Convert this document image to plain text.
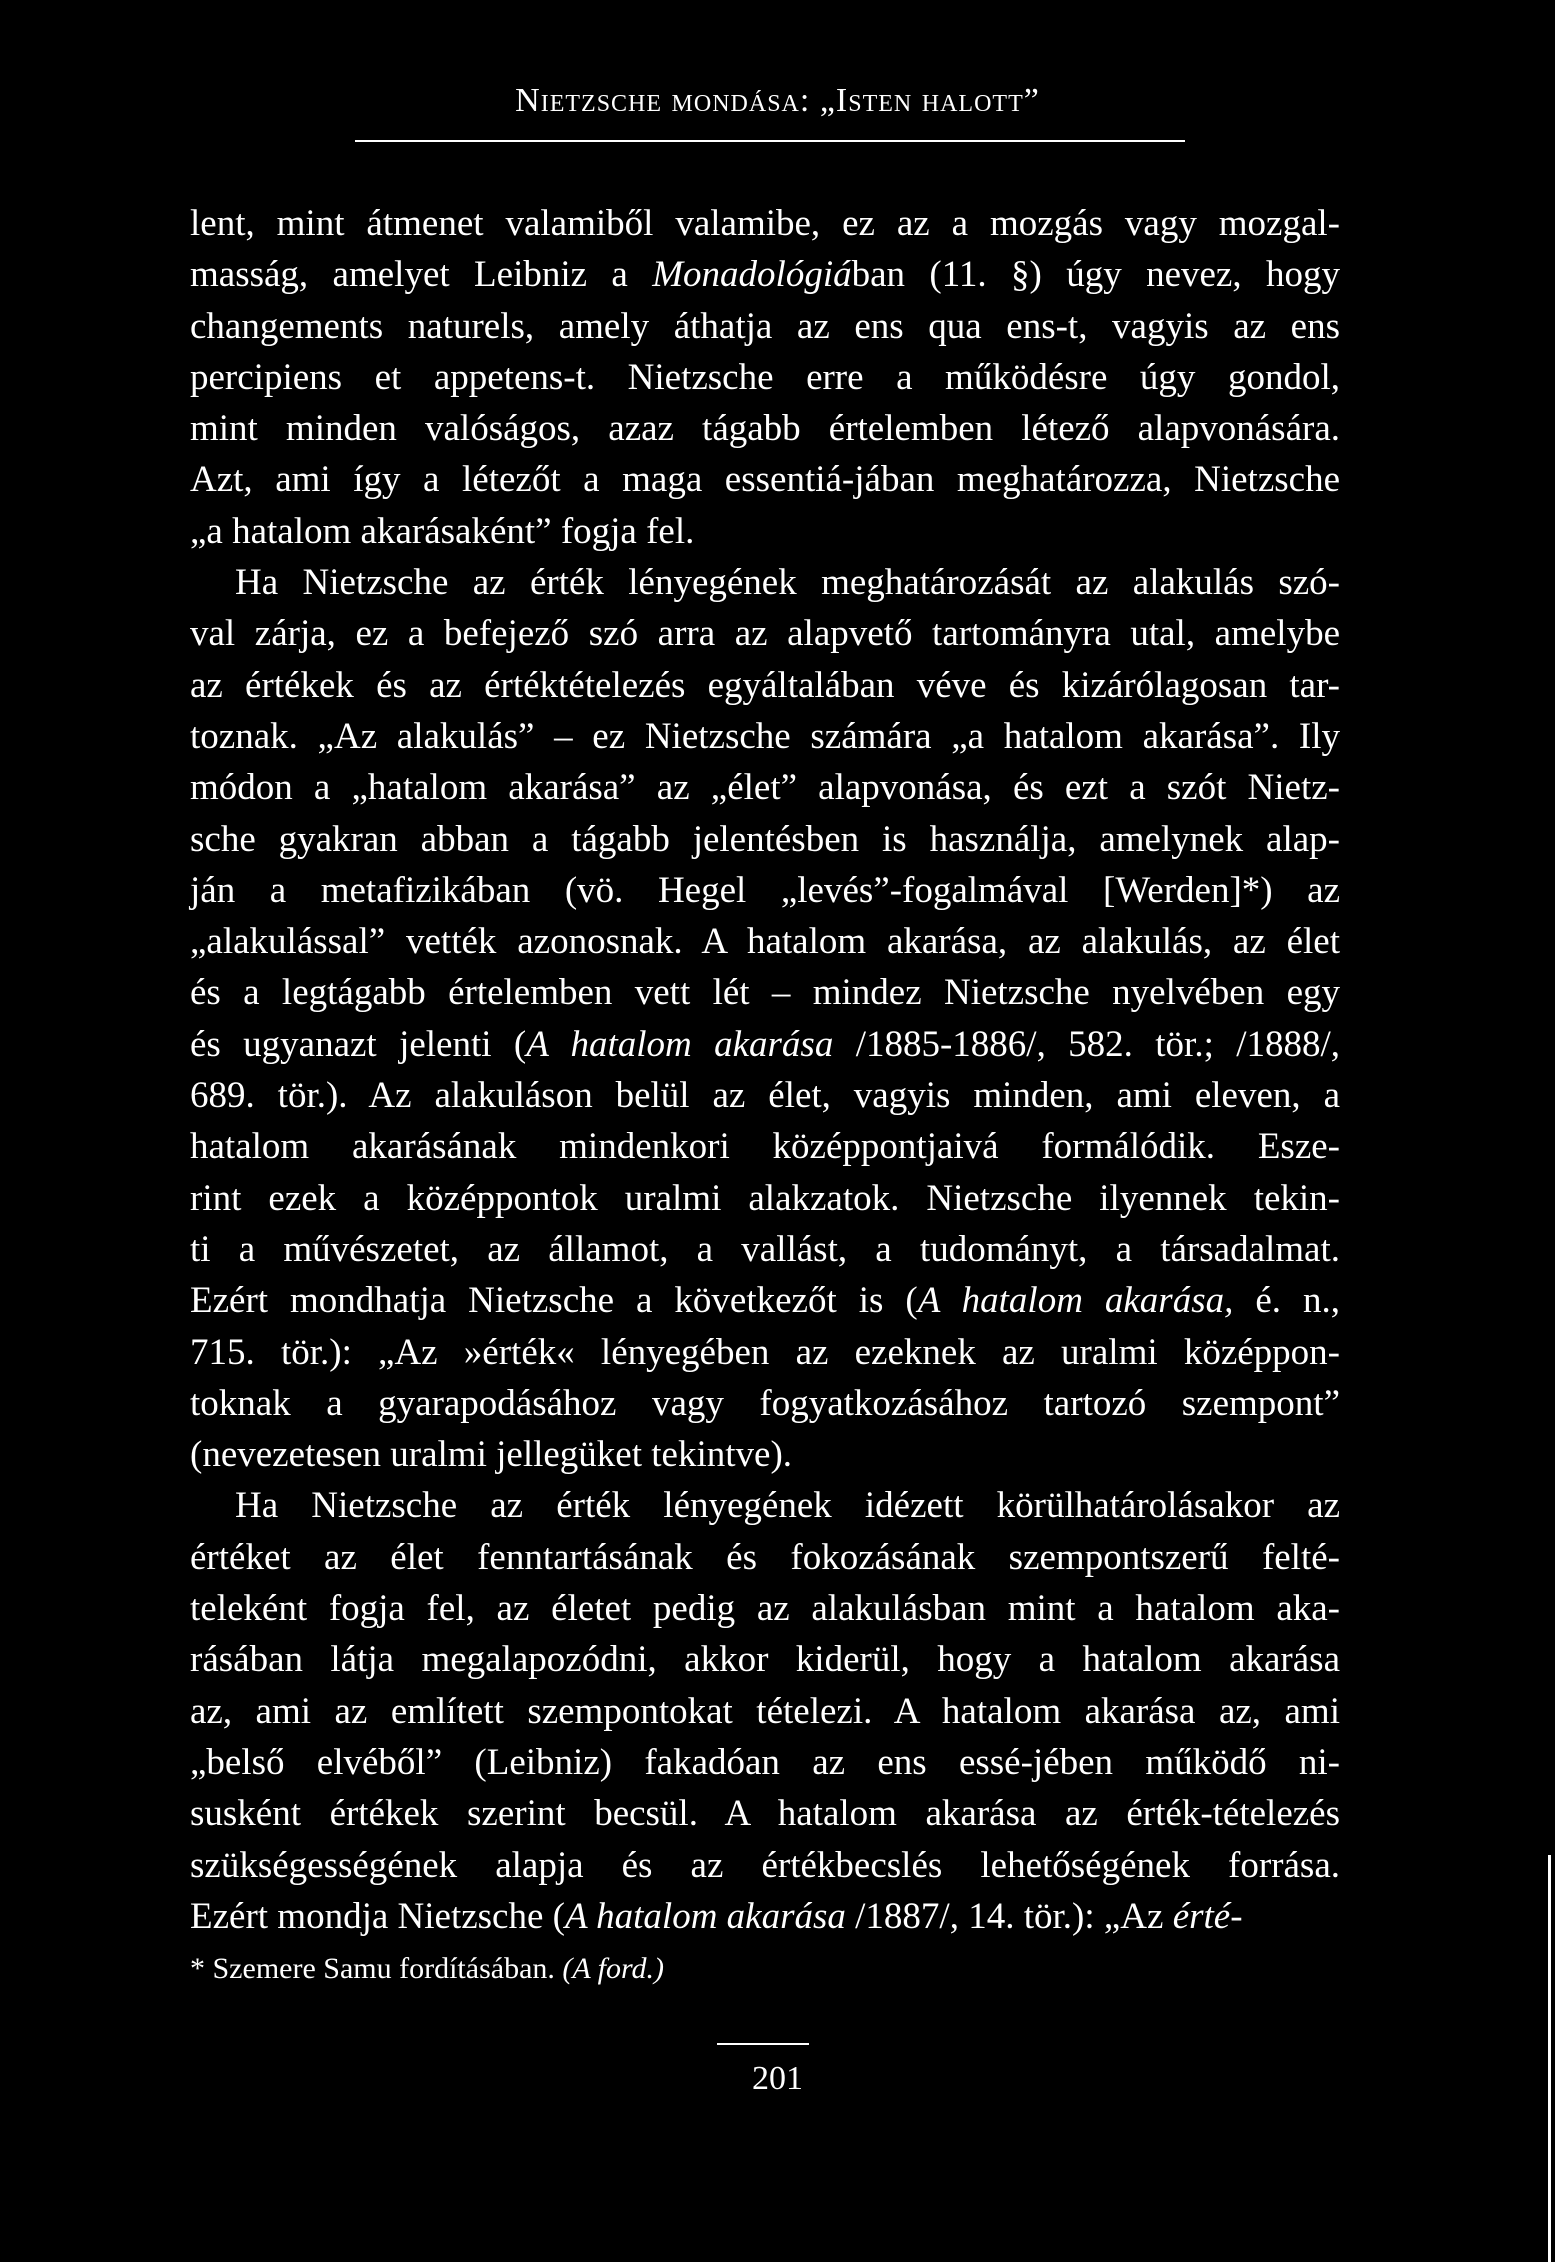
Nietzsche mondása: „Isten halott”
lent, mint átmenet valamiből valamibe, ez az a mozgás vagy mozgal-
masság, amelyet Leibniz a Monadológiában (11. §) úgy nevez, hogy
changements naturels, amely áthatja az ens qua ens-t, vagyis az ens
percipiens et appetens-t. Nietzsche erre a működésre úgy gondol,
mint minden valóságos, azaz tágabb értelemben létező alapvonására.
Azt, ami így a létezőt a maga essentiá-jában meghatározza, Nietzsche
„a hatalom akarásaként” fogja fel.
Ha Nietzsche az érték lényegének meghatározását az alakulás szó-
val zárja, ez a befejező szó arra az alapvető tartományra utal, amelybe
az értékek és az értéktételezés egyáltalában véve és kizárólagosan tar-
toznak. „Az alakulás” – ez Nietzsche számára „a hatalom akarása”. Ily
módon a „hatalom akarása” az „élet” alapvonása, és ezt a szót Nietz-
sche gyakran abban a tágabb jelentésben is használja, amelynek alap-
ján a metafizikában (vö. Hegel „levés”-fogalmával [Werden]*) az
„alakulással” vették azonosnak. A hatalom akarása, az alakulás, az élet
és a legtágabb értelemben vett lét – mindez Nietzsche nyelvében egy
és ugyanazt jelenti (A hatalom akarása /1885-1886/, 582. tör.; /1888/,
689. tör.). Az alakuláson belül az élet, vagyis minden, ami eleven, a
hatalom akarásának mindenkori középpontjaivá formálódik. Esze-
rint ezek a középpontok uralmi alakzatok. Nietzsche ilyennek tekin-
ti a művészetet, az államot, a vallást, a tudományt, a társadalmat.
Ezért mondhatja Nietzsche a következőt is (A hatalom akarása, é. n.,
715. tör.): „Az »érték« lényegében az ezeknek az uralmi középpon-
toknak a gyarapodásához vagy fogyatkozásához tartozó szempont”
(nevezetesen uralmi jellegüket tekintve).
Ha Nietzsche az érték lényegének idézett körülhatárolásakor az
értéket az élet fenntartásának és fokozásának szempontszerű felté-
teleként fogja fel, az életet pedig az alakulásban mint a hatalom aka-
rásában látja megalapozódni, akkor kiderül, hogy a hatalom akarása
az, ami az említett szempontokat tételezi. A hatalom akarása az, ami
„belső elvéből” (Leibniz) fakadóan az ens essé-jében működő ni-
susként értékek szerint becsül. A hatalom akarása az érték-tételezés
szükségességének alapja és az értékbecslés lehetőségének forrása.
Ezért mondja Nietzsche (A hatalom akarása /1887/, 14. tör.): „Az érté-
* Szemere Samu fordításában. (A ford.)
201
